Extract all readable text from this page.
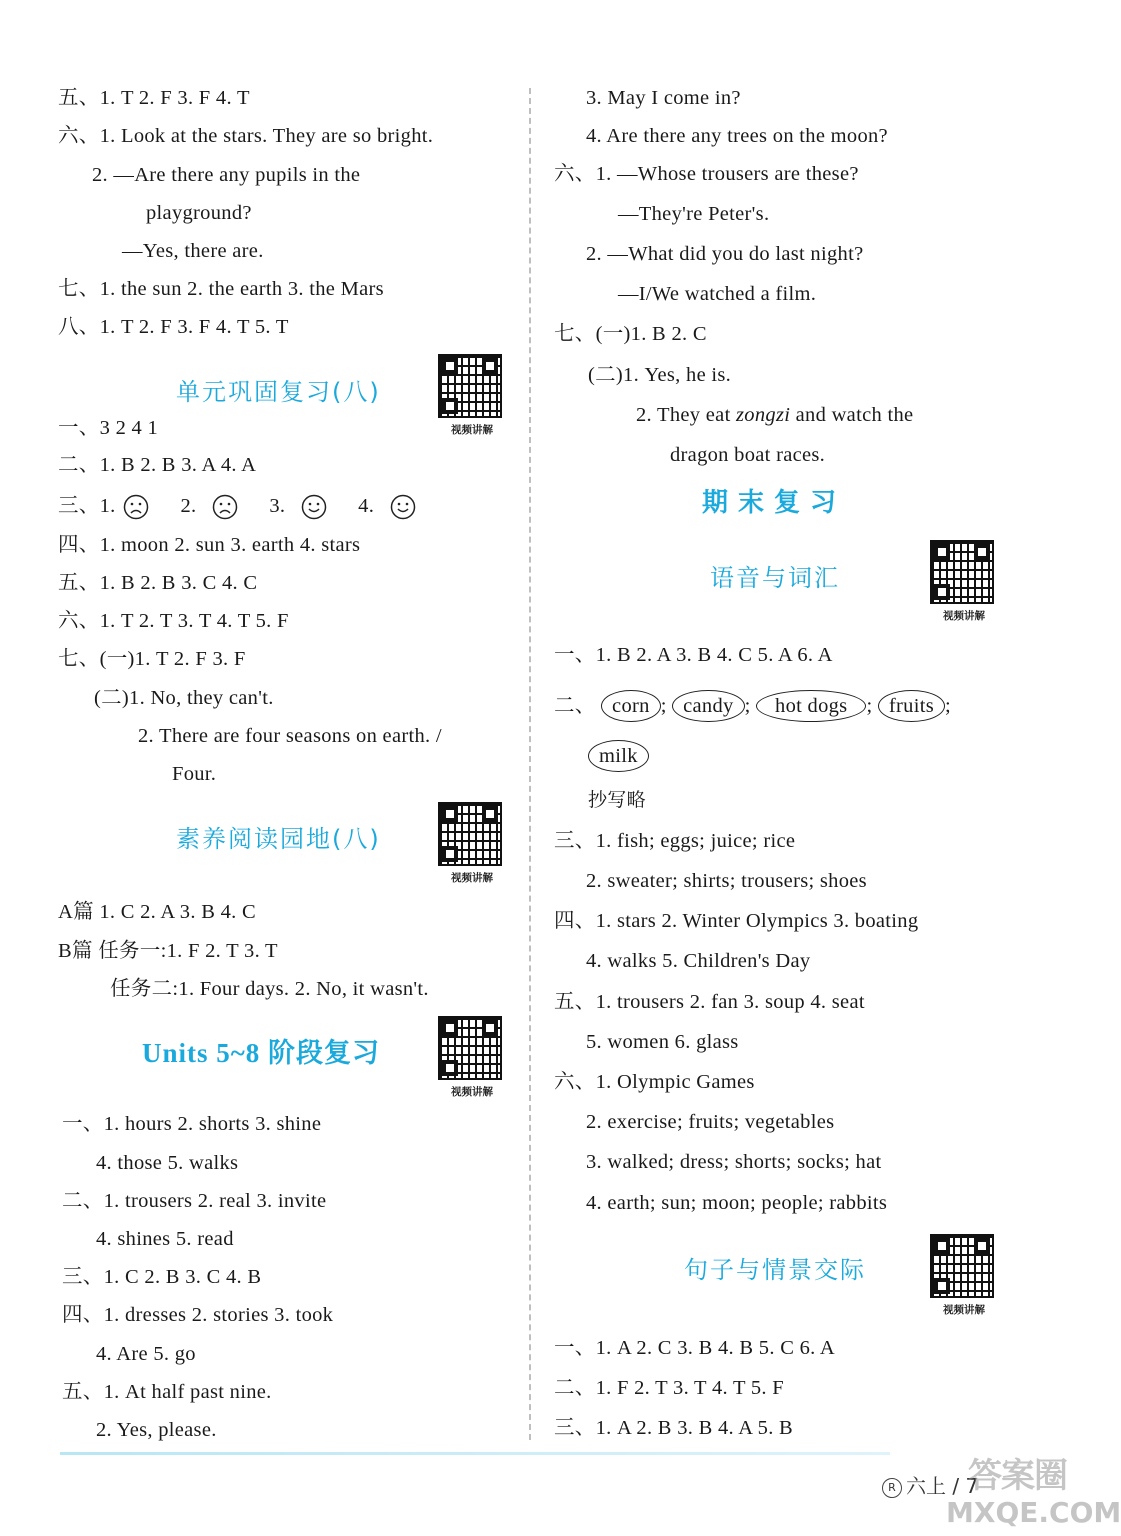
五、1. T 2. F 3. F 4. T
六、1. Look at the stars. They are so bright.
2. —Are there any pupils in the
playground?
—Yes, there are.
七、1. the sun 2. the earth 3. the Mars
八、1. T 2. F 3. F 4. T 5. T
单元巩固复习(八)
视频讲解
一、3 2 4 1
二、1. B 2. B 3. A 4. A
三、1.	2.	3.	4.
四、1. moon 2. sun 3. earth 4. stars
五、1. B 2. B 3. C 4. C
六、1. T 2. T 3. T 4. T 5. F
七、(一)1. T 2. F 3. F
(二)1. No, they can't.
2. There are four seasons on earth. /
Four.
素养阅读园地(八)
视频讲解
A篇 1. C 2. A 3. B 4. C
B篇 任务一:1. F 2. T 3. T
任务二:1. Four days. 2. No, it wasn't.
Units 5~8 阶段复习
视频讲解
一、1. hours 2. shorts 3. shine
4. those 5. walks
二、1. trousers 2. real 3. invite
4. shines 5. read
三、1. C 2. B 3. C 4. B
四、1. dresses 2. stories 3. took
4. Are 5. go
五、1. At half past nine.
2. Yes, please.
3. May I come in?
4. Are there any trees on the moon?
六、1. —Whose trousers are these?
—They're Peter's.
2. —What did you do last night?
—I/We watched a film.
七、(一)1. B 2. C
(二)1. Yes, he is.
2. They eat zongzi and watch the
dragon boat races.
期末复习
语音与词汇
视频讲解
一、1. B 2. A 3. B 4. C 5. A 6. A
二、 corn ; candy ; hot dogs ; fruits ;
milk
抄写略
三、1. fish; eggs; juice; rice
2. sweater; shirts; trousers; shoes
四、1. stars 2. Winter Olympics 3. boating
4. walks 5. Children's Day
五、1. trousers 2. fan 3. soup 4. seat
5. women 6. glass
六、1. Olympic Games
2. exercise; fruits; vegetables
3. walked; dress; shorts; socks; hat
4. earth; sun; moon; people; rabbits
句子与情景交际
视频讲解
一、1. A 2. C 3. B 4. B 5. C 6. A
二、1. F 2. T 3. T 4. T 5. F
三、1. A 2. B 3. B 4. A 5. B
R 六上 / 7
答案圈
MXQE.COM
